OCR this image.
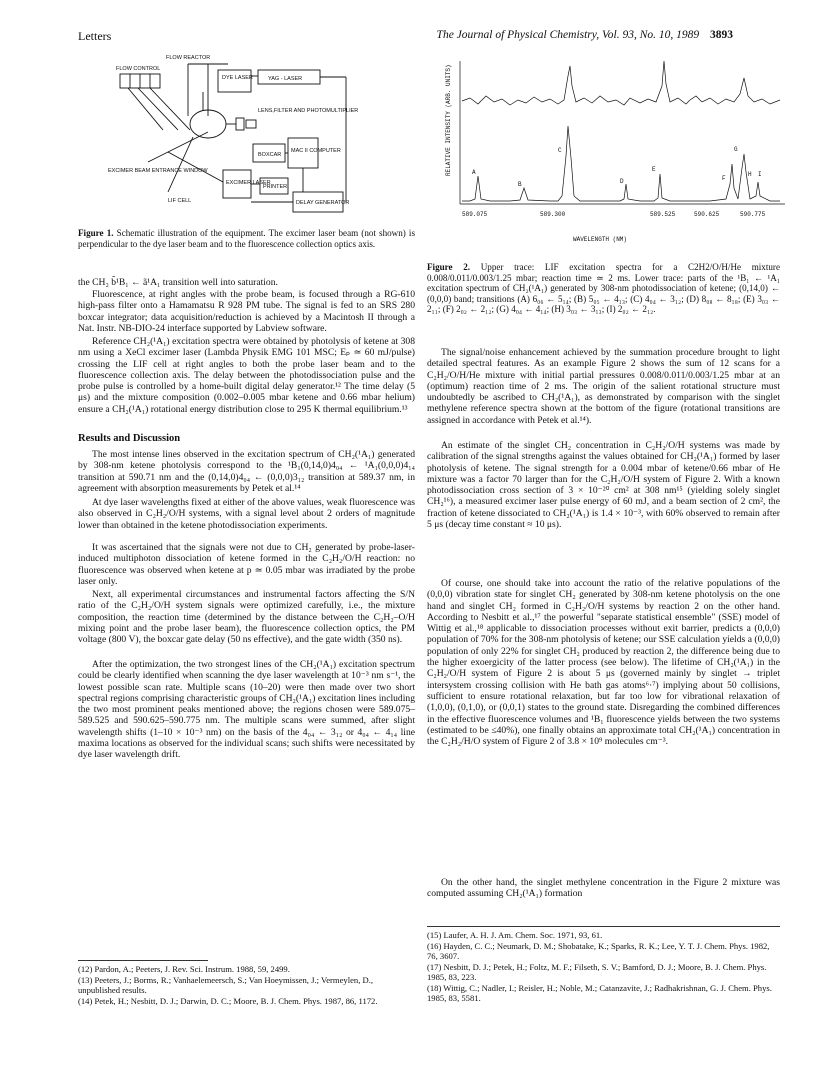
Letters	The Journal of Physical Chemistry, Vol. 93, No. 10, 1989 3893
FLOW REACTOR
FLOW CONTROL
DYE LASER	YAG - LASER
LENS,FILTER AND PHOTOMULTIPLIER
BOXCAR
MAC II COMPUTER
EXCIMER BEAM ENTRANCE WINDOW
EXCIMER LASER
PRINTER
DELAY GENERATOR
LIF CELL
Figure 1. Schematic illustration of the equipment. The excimer laser beam (not shown) is perpendicular to the dye laser beam and to the fluorescence collection optics axis.
RELATIVE INTENSITY (ARB. UNITS)
589.075	589.300	589.525	590.625	590.775
WAVELENGTH (NM)
A
B
C
D
E
F
G
H I
Figure 2. Upper trace: LIF excitation spectra for a C2H2/O/H/He mixture 0.008/0.011/0.003/1.25 mbar; reaction time ≃ 2 ms. Lower trace: parts of the ¹B₁ ← ¹A₁ excitation spectrum of CH₂(¹A₁) generated by 308-nm photodissociation of ketene; (0,14,0) ← (0,0,0) band; transitions (A) 6₀₆ ← 5₁₄; (B) 5₀₅ ← 4₁₃; (C) 4₀₄ ← 3₁₂; (D) 8₀₈ ← 8₁₈; (E) 3₀₃ ← 2₁₁; (F) 2₀₂ ← 2₁₂; (G) 4₀₄ ← 4₁₄; (H) 3₀₃ ← 3₁₃; (I) 2₀₂ ← 2₁₂.
the CH₂ b̃¹B₁ ← ã¹A₁ transition well into saturation.
Fluorescence, at right angles with the probe beam, is focused through a RG-610 high-pass filter onto a Hamamatsu R 928 PM tube. The signal is fed to an SRS 280 boxcar integrator; data acquisition/reduction is achieved by a Macintosh II through a Nat. Instr. NB-DIO-24 interface supported by Labview software.
Reference CH₂(¹A₁) excitation spectra were obtained by photolysis of ketene at 308 nm using a XeCl excimer laser (Lambda Physik EMG 101 MSC; Eₚ ≃ 60 mJ/pulse) crossing the LIF cell at right angles to both the probe laser beam and to the fluorescence collection axis. The delay between the photodissociation pulse and the probe pulse is controlled by a home-built digital delay generator.¹² The time delay (5 μs) and the mixture composition (0.002–0.005 mbar ketene and 0.66 mbar helium) ensure a CH₂(¹A₁) rotational energy distribution close to 295 K thermal equilibrium.¹³
Results and Discussion
The most intense lines observed in the excitation spectrum of CH₂(¹A₁) generated by 308-nm ketene photolysis correspond to the ¹B₁(0,14,0)4₀₄ ← ¹A₁(0,0,0)4₁₄ transition at 590.71 nm and the (0,14,0)4₀₄ ← (0,0,0)3₁₂ transition at 589.37 nm, in agreement with absorption measurements by Petek et al.¹⁴
At dye laser wavelengths fixed at either of the above values, weak fluorescence was also observed in C₂H₂/O/H systems, with a signal level about 2 orders of magnitude lower than obtained in the ketene photodissociation experiments.
It was ascertained that the signals were not due to CH₂ generated by probe-laser-induced multiphoton dissociation of ketene formed in the C₂H₂/O/H reaction: no fluorescence was observed when ketene at p ≃ 0.05 mbar was irradiated by the probe laser only.
Next, all experimental circumstances and instrumental factors affecting the S/N ratio of the C₂H₂/O/H system signals were optimized carefully, i.e., the mixture composition, the reaction time (determined by the distance between the C₂H₂–O/H mixing point and the probe laser beam), the fluorescence collection optics, the PM voltage (800 V), the boxcar gate delay (50 ns effective), and the gate width (350 ns).
After the optimization, the two strongest lines of the CH₂(¹A₁) excitation spectrum could be clearly identified when scanning the dye laser wavelength at 10⁻³ nm s⁻¹, the lowest possible scan rate. Multiple scans (10–20) were then made over two short spectral regions comprising characteristic groups of CH₂(¹A₁) excitation lines including the two most prominent peaks mentioned above; the regions chosen were 589.075–589.525 and 590.625–590.775 nm. The multiple scans were summed, after slight wavelength shifts (1–10 × 10⁻³ nm) on the basis of the 4₀₄ ← 3₁₂ or 4₀₄ ← 4₁₄ line maxima locations as observed for the individual scans; such shifts were necessitated by dye laser wavelength drift.
The signal/noise enhancement achieved by the summation procedure brought to light detailed spectral features. As an example Figure 2 shows the sum of 12 scans for a C₂H₂/O/H/He mixture with initial partial pressures 0.008/0.011/0.003/1.25 mbar at an (optimum) reaction time of 2 ms. The origin of the salient rotational structure must undoubtedly be ascribed to CH₂(¹A₁), as demonstrated by comparison with the singlet methylene reference spectra shown at the bottom of the figure (rotational transitions are assigned in accordance with Petek et al.¹⁴).
An estimate of the singlet CH₂ concentration in C₂H₂/O/H systems was made by calibration of the signal strengths against the values obtained for CH₂(¹A₁) formed by laser photolysis of ketene. The signal strength for a 0.004 mbar of ketene/0.66 mbar of He mixture was a factor 70 larger than for the C₂H₂/O/H system of Figure 2. With a known photodissociation cross section of 3 × 10⁻²⁰ cm² at 308 nm¹⁵ (yielding solely singlet CH₂¹⁶), a measured excimer laser pulse energy of 60 mJ, and a beam section of 2 cm², the fraction of ketene dissociated to CH₂(¹A₁) is 1.4 × 10⁻³, with 60% observed to remain after 5 μs (decay time constant ≈ 10 μs).
Of course, one should take into account the ratio of the relative populations of the (0,0,0) vibration state for singlet CH₂ generated by 308-nm ketene photolysis on the one hand and singlet CH₂ formed in C₂H₂/O/H systems by reaction 2 on the other hand. According to Nesbitt et al.,¹⁷ the powerful "separate statistical ensemble" (SSE) model of Wittig et al.,¹⁸ applicable to dissociation processes without exit barrier, predicts a (0,0,0) population of 70% for the 308-nm photolysis of ketene; our SSE calculation yields a (0,0,0) population of only 22% for singlet CH₂ produced by reaction 2, the difference being due to the higher exoergicity of the latter process (see below). The lifetime of CH₂(¹A₁) in the C₂H₂/O/H system of Figure 2 is about 5 μs (governed mainly by singlet → triplet intersystem crossing collision with He bath gas atoms⁶·⁷) implying about 50 collisions, sufficient to ensure rotational relaxation, but far too low for vibrational relaxation of (1,0,0), (0,1,0), or (0,0,1) states to the ground state. Disregarding the combined differences in the effective fluorescence volumes and ¹B₁ fluorescence yields between the two systems (estimated to be ≤40%), one finally obtains an approximate total CH₂(¹A₁) concentration in the C₂H₂/H/O system of Figure 2 of 3.8 × 10⁹ molecules cm⁻³.
On the other hand, the singlet methylene concentration in the Figure 2 mixture was computed assuming CH₂(¹A₁) formation
(12) Pardon, A.; Peeters, J. Rev. Sci. Instrum. 1988, 59, 2499.
(13) Peeters, J.; Borms, R.; Vanhaelemeersch, S.; Van Hoeymissen, J.; Vermeylen, D., unpublished results.
(14) Petek, H.; Nesbitt, D. J.; Darwin, D. C.; Moore, B. J. Chem. Phys. 1987, 86, 1172.
(15) Laufer, A. H. J. Am. Chem. Soc. 1971, 93, 61.
(16) Hayden, C. C.; Neumark, D. M.; Shobatake, K.; Sparks, R. K.; Lee, Y. T. J. Chem. Phys. 1982, 76, 3607.
(17) Nesbitt, D. J.; Petek, H.; Foltz, M. F.; Filseth, S. V.; Bamford, D. J.; Moore, B. J. Chem. Phys. 1985, 83, 223.
(18) Wittig, C.; Nadler, I.; Reisler, H.; Noble, M.; Catanzavite, J.; Radhakrishnan, G. J. Chem. Phys. 1985, 83, 5581.
